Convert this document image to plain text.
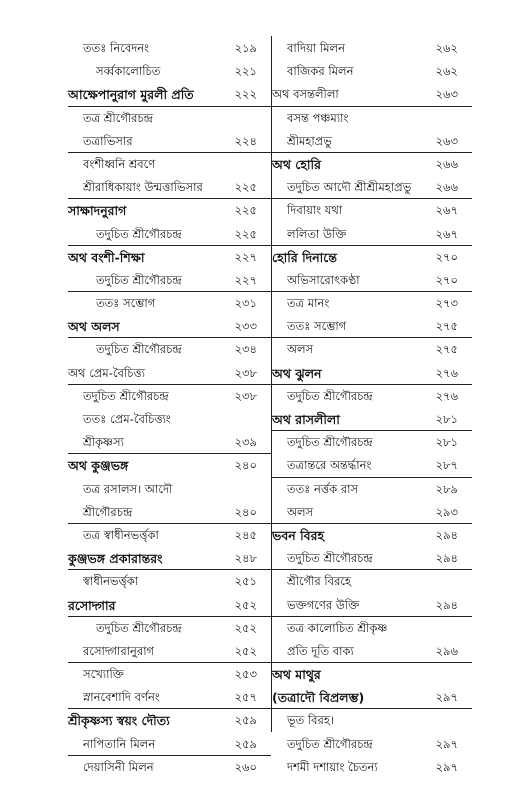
ততঃ নিবেদনং	২১৯
সর্ব্বকালোচিত	২২১
আক্ষেপানুরাগ মুরলী প্রতি	২২২
তত্র শ্রীগৌরচন্দ্র
তত্রাভিসার	২২৪
বংশীধ্বনি শ্রবণে
শ্রীরাধিকায়াং উন্মত্তাভিসার	২২৫
সাক্ষাদনুরাগ	২২৫
তদুচিত শ্রীগৌরচন্দ্র	২২৫
অথ বংশী-শিক্ষা	২২৭
তদুচিত শ্রীগৌরচন্দ্র	২২৭
ততঃ সম্ভোগ	২৩১
অথ অলস	২৩৩
তদুচিত শ্রীগৌরচন্দ্র	২৩৪
অথ প্রেম-বৈচিত্ত্য	২৩৮
তদুচিত শ্রীগৌরচন্দ্র	২৩৮
ততঃ প্রেম-বৈচিত্ত্যং
শ্রীকৃষ্ণস্য	২৩৯
অথ কুঞ্জভঙ্গ	২৪০
তত্র রসালস। আদৌ
শ্রীগৌরচন্দ্র	২৪০
তত্র স্বাধীনভর্ত্তৃকা	২৪৫
কুঞ্জভঙ্গ প্রকারান্তরং	২৪৮
স্বাধীনভর্ত্তৃকা	২৫১
রসোদ্গার	২৫২
তদুচিত শ্রীগৌরচন্দ্র	২৫২
রসোদ্গারানুরাগ	২৫২
সখ্যোক্তি	২৫৩
স্নানবেশাদি বর্ণনং	২৫৭
শ্রীকৃষ্ণস্য স্বয়ং দৌত্য	২৫৯
নাপিতানি মিলন	২৫৯
দেয়াসিনী মিলন	২৬০
বাদিয়া মিলন	২৬২
বাজিকর মিলন	২৬২
অথ বসন্তলীলা	২৬৩
বসন্ত পঞ্চম্যাং
শ্রীমহাপ্রভু	২৬৩
অথ হোরি	২৬৬
তদুচিত আদৌ শ্রীশ্রীমহাপ্রভু ২৬৬
দিবায়াং যথা	২৬৭
ললিতা উক্তি	২৬৭
হোরি দিনান্তে	২৭০
অভিসারোৎকণ্ঠা	২৭০
তত্র মানং	২৭৩
ততঃ সম্ভোগ	২৭৫
অলস	২৭৫
অথ ঝুলন	২৭৬
তদুচিত শ্রীগৌরচন্দ্র	২৭৬
অথ রাসলীলা	২৮১
তদুচিত শ্রীগৌরচন্দ্র	২৮১
তত্রান্তরে অন্তর্দ্ধানং	২৮৭
ততঃ নর্ত্তক রাস	২৮৯
অলস	২৯৩
ভবন বিরহ	২৯৪
তদুচিত শ্রীগৌরচন্দ্র	২৯৪
শ্রীগৌর বিরহে
ভক্তগণের উক্তি	২৯৪
তত্র কালোচিত শ্রীকৃষ্ণ
প্রতি দূতি বাক্য	২৯৬
অথ মাথুর
(তত্রাদৌ বিপ্রলম্ভ)	২৯৭
ভূত বিরহ।
তদুচিত শ্রীগৌরচন্দ্র	২৯৭
দশমী দশায়াং চৈতন্য	২৯৭
